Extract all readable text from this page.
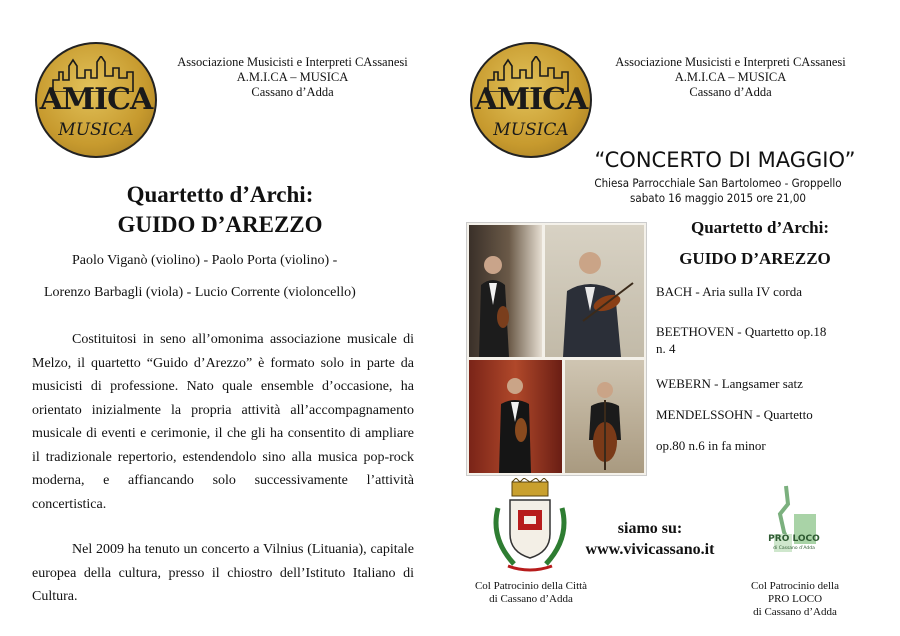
AMICA
MUSICA
Associazione Musicisti e Interpreti CAssanesi
A.M.I.CA – MUSICA
Cassano d’Adda
Quartetto d’Archi:
GUIDO D’AREZZO
Paolo Viganò (violino) - Paolo Porta (violino) -
Lorenzo Barbagli (viola) - Lucio Corrente (violoncello)
Costituitosi in seno all’omonima associazione musicale di Melzo, il quartetto “Guido d’Arezzo” è formato solo in parte da musicisti di professione. Nato quale ensemble d’occasione, ha orientato inizialmente la propria attività all’accompagnamento musicale di eventi e cerimonie, il che gli ha consentito di ampliare il tradizionale repertorio, estendendolo sino alla musica pop-rock moderna, e affiancando solo successivamente l’attività concertistica.
Nel 2009 ha tenuto un concerto a Vilnius (Lituania), capitale europea della cultura, presso il chiostro dell’Istituto Italiano di Cultura.
AMICA
MUSICA
Associazione Musicisti e Interpreti CAssanesi
A.M.I.CA – MUSICA
Cassano d’Adda
“CONCERTO DI MAGGIO”
Chiesa Parrocchiale San Bartolomeo - Groppello
sabato 16 maggio 2015 ore 21,00
Quartetto d’Archi:
GUIDO D’AREZZO
BACH - Aria sulla IV corda
BEETHOVEN - Quartetto op.18
n. 4
WEBERN - Langsamer satz
MENDELSSOHN - Quartetto
op.80 n.6 in fa minor
Col Patrocinio della Città
di Cassano d’Adda
siamo su:
www.vivicassano.it
PRO LOCO
di Cassano d’Adda
Col Patrocinio della
PRO LOCO
di Cassano d’Adda
